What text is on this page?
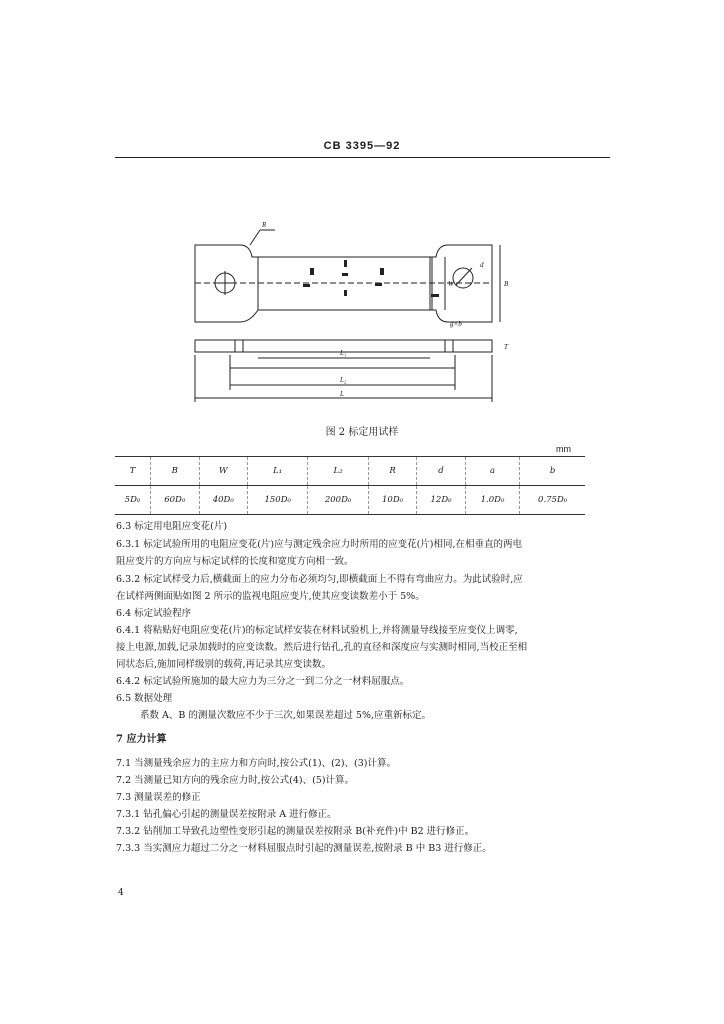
CB 3395—92
R
d
W	B
g×b
T
L₁
L₂
L
图 2 标定用试样
mm
T	B	W	L₁	L₂	R	d	a	b
5D₀	60D₀	40D₀	150D₀	200D₀	10D₀	12D₀	1.0D₀	0.75D₀
6.3 标定用电阻应变花(片)
6.3.1 标定试验所用的电阻应变花(片)应与测定残余应力时所用的应变花(片)相同,在相垂直的两电
阻应变片的方向应与标定试样的长度和宽度方向相一致。
6.3.2 标定试样受力后,横截面上的应力分布必须均匀,即横截面上不得有弯曲应力。为此试验时,应
在试样两侧面贴如图 2 所示的监视电阻应变片,使其应变读数差小于 5%。
6.4 标定试验程序
6.4.1 将粘贴好电阻应变花(片)的标定试样安装在材料试验机上,并将测量导线接至应变仪上调零,
接上电源,加载,记录加载时的应变读数。然后进行钻孔,孔的直径和深度应与实测时相同,当校正至相
同状态后,施加同样级别的载荷,再记录其应变读数。
6.4.2 标定试验所施加的最大应力为三分之一到二分之一材料屈服点。
6.5 数据处理
系数 A、B 的测量次数应不少于三次,如果误差超过 5%,应重新标定。
7 应力计算
7.1 当测量残余应力的主应力和方向时,按公式(1)、(2)、(3)计算。
7.2 当测量已知方向的残余应力时,按公式(4)、(5)计算。
7.3 测量误差的修正
7.3.1 钻孔偏心引起的测量误差按附录 A 进行修正。
7.3.2 钻削加工导致孔边塑性变形引起的测量误差按附录 B(补充件)中 B2 进行修正。
7.3.3 当实测应力超过二分之一材料屈服点时引起的测量误差,按附录 B 中 B3 进行修正。
4
